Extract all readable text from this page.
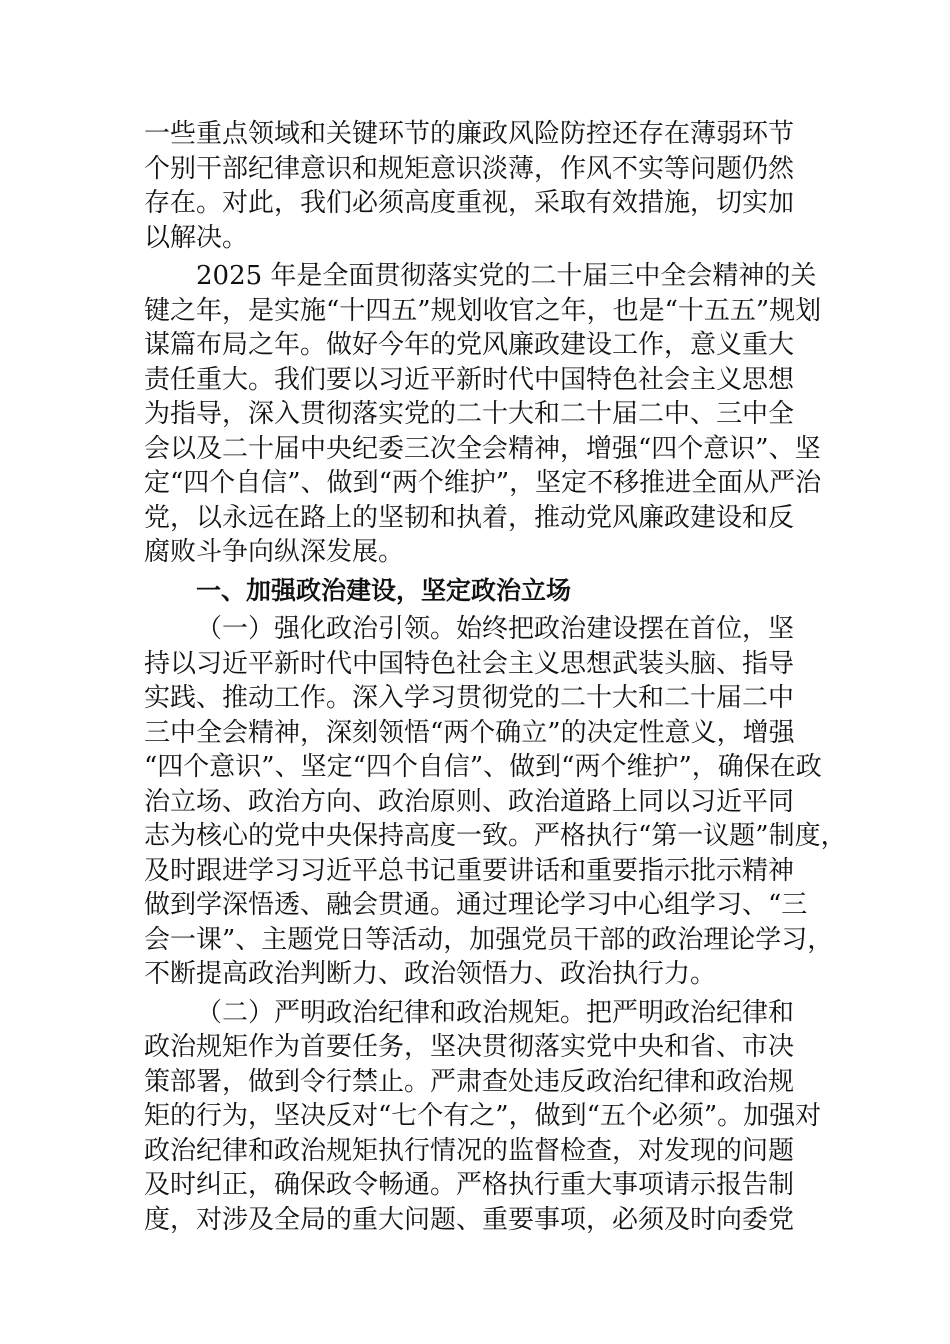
一些重点领域和关键环节的廉政风险防控还存在薄弱环节
个别干部纪律意识和规矩意识淡薄，作风不实等问题仍然
存在。对此，我们必须高度重视，采取有效措施，切实加
以解决。
2025 年是全面贯彻落实党的二十届三中全会精神的关
键之年，是实施“十四五”规划收官之年，也是“十五五”规划
谋篇布局之年。做好今年的党风廉政建设工作，意义重大
责任重大。我们要以习近平新时代中国特色社会主义思想
为指导，深入贯彻落实党的二十大和二十届二中、三中全
会以及二十届中央纪委三次全会精神，增强“四个意识”、坚
定“四个自信”、做到“两个维护”，坚定不移推进全面从严治
党，以永远在路上的坚韧和执着，推动党风廉政建设和反
腐败斗争向纵深发展。
一、加强政治建设，坚定政治立场
（一）强化政治引领。始终把政治建设摆在首位，坚
持以习近平新时代中国特色社会主义思想武装头脑、指导
实践、推动工作。深入学习贯彻党的二十大和二十届二中
三中全会精神，深刻领悟“两个确立”的决定性意义，增强
“四个意识”、坚定“四个自信”、做到“两个维护”，确保在政
治立场、政治方向、政治原则、政治道路上同以习近平同
志为核心的党中央保持高度一致。严格执行“第一议题”制度，
及时跟进学习习近平总书记重要讲话和重要指示批示精神
做到学深悟透、融会贯通。通过理论学习中心组学习、“三
会一课”、主题党日等活动，加强党员干部的政治理论学习，
不断提高政治判断力、政治领悟力、政治执行力。
（二）严明政治纪律和政治规矩。把严明政治纪律和
政治规矩作为首要任务，坚决贯彻落实党中央和省、市决
策部署，做到令行禁止。严肃查处违反政治纪律和政治规
矩的行为，坚决反对“七个有之”，做到“五个必须”。加强对
政治纪律和政治规矩执行情况的监督检查，对发现的问题
及时纠正，确保政令畅通。严格执行重大事项请示报告制
度，对涉及全局的重大问题、重要事项，必须及时向委党
